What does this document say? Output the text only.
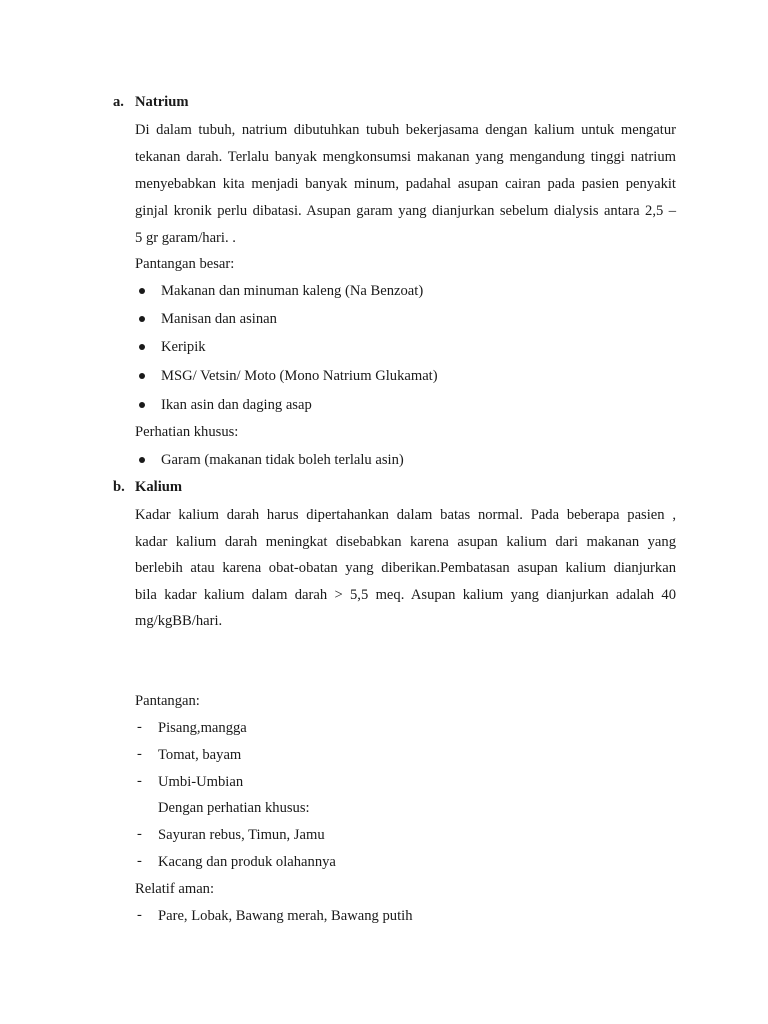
a. Natrium
Di dalam tubuh, natrium dibutuhkan tubuh bekerjasama dengan kalium untuk mengatur
tekanan darah. Terlalu banyak mengkonsumsi makanan yang mengandung tinggi natrium
menyebabkan kita menjadi banyak minum, padahal asupan cairan pada pasien penyakit
ginjal kronik perlu dibatasi. Asupan garam yang dianjurkan sebelum dialysis antara 2,5 –
5 gr garam/hari. .
Pantangan besar:
Makanan dan minuman kaleng (Na Benzoat)
Manisan dan asinan
Keripik
MSG/ Vetsin/ Moto (Mono Natrium Glukamat)
Ikan asin dan daging asap
Perhatian khusus:
Garam (makanan tidak boleh terlalu asin)
b. Kalium
Kadar kalium darah harus dipertahankan dalam batas normal. Pada beberapa pasien ,
kadar kalium darah meningkat disebabkan karena asupan kalium dari makanan yang
berlebih atau karena obat-obatan yang diberikan.Pembatasan asupan kalium dianjurkan
bila kadar kalium dalam darah > 5,5 meq. Asupan kalium yang dianjurkan adalah 40
mg/kgBB/hari.
Pantangan:
- Pisang,mangga
- Tomat, bayam
- Umbi-Umbian
Dengan perhatian khusus:
- Sayuran rebus, Timun, Jamu
- Kacang dan produk olahannya
Relatif aman:
- Pare, Lobak, Bawang merah, Bawang putih
